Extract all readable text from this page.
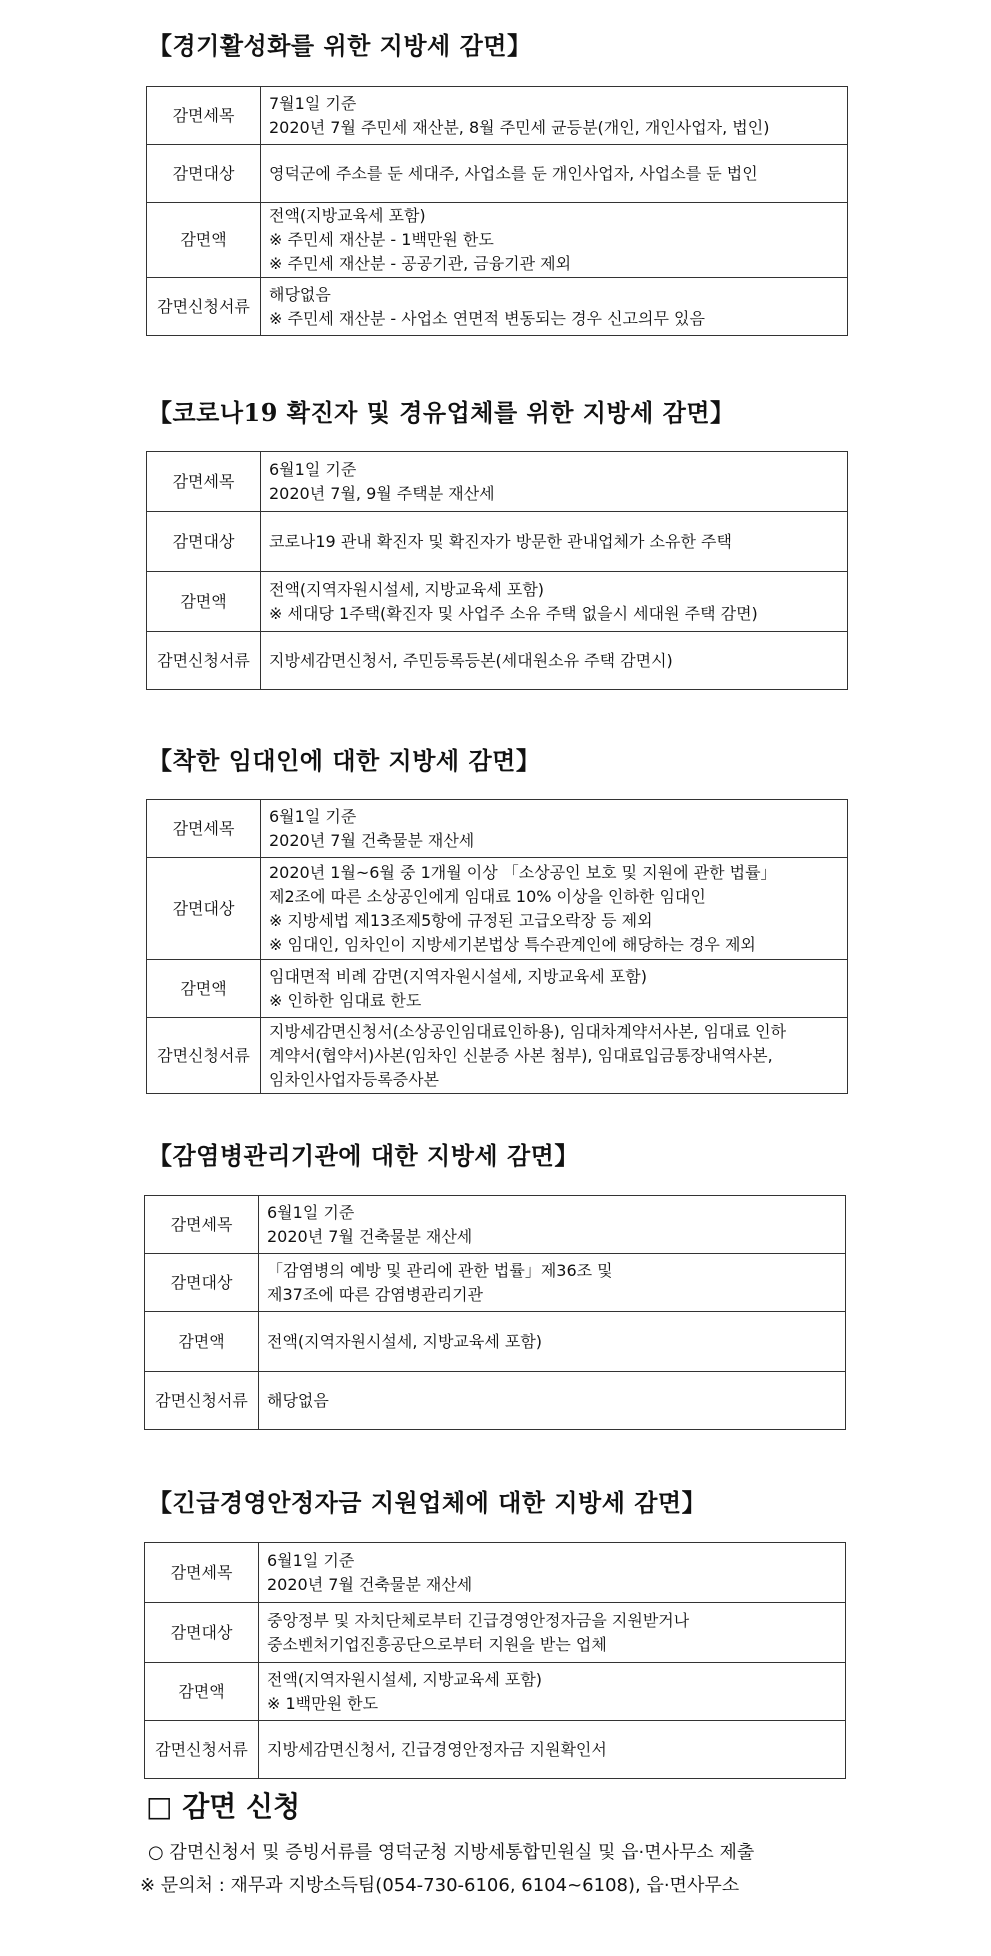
【경기활성화를 위한 지방세 감면】
감면세목	7월1일 기준
2020년 7월 주민세 재산분, 8월 주민세 균등분(개인, 개인사업자, 법인)

감면대상	영덕군에 주소를 둔 세대주, 사업소를 둔 개인사업자, 사업소를 둔 법인

감면액	전액(지방교육세 포함)
※ 주민세 재산분 - 1백만원 한도
※ 주민세 재산분 - 공공기관, 금융기관 제외

감면신청서류	해당없음
※ 주민세 재산분 - 사업소 연면적 변동되는 경우 신고의무 있음
【코로나19 확진자 및 경유업체를 위한 지방세 감면】
감면세목	6월1일 기준
2020년 7월, 9월 주택분 재산세

감면대상	코로나19 관내 확진자 및 확진자가 방문한 관내업체가 소유한 주택

감면액	전액(지역자원시설세, 지방교육세 포함)
※ 세대당 1주택(확진자 및 사업주 소유 주택 없을시 세대원 주택 감면)

감면신청서류	지방세감면신청서, 주민등록등본(세대원소유 주택 감면시)
【착한 임대인에 대한 지방세 감면】
감면세목	6월1일 기준
2020년 7월 건축물분 재산세

감면대상	2020년 1월~6월 중 1개월 이상 「소상공인 보호 및 지원에 관한 법률」
제2조에 따른 소상공인에게 임대료 10% 이상을 인하한 임대인
※ 지방세법 제13조제5항에 규정된 고급오락장 등 제외
※ 임대인, 임차인이 지방세기본법상 특수관계인에 해당하는 경우 제외

감면액	임대면적 비례 감면(지역자원시설세, 지방교육세 포함)
※ 인하한 임대료 한도

감면신청서류	지방세감면신청서(소상공인임대료인하용), 임대차계약서사본, 임대료 인하
계약서(협약서)사본(임차인 신분증 사본 첨부), 임대료입금통장내역사본,
임차인사업자등록증사본
【감염병관리기관에 대한 지방세 감면】
감면세목	6월1일 기준
2020년 7월 건축물분 재산세

감면대상	「감염병의 예방 및 관리에 관한 법률」제36조 및
제37조에 따른 감염병관리기관

감면액	전액(지역자원시설세, 지방교육세 포함)

감면신청서류	해당없음
【긴급경영안정자금 지원업체에 대한 지방세 감면】
감면세목	6월1일 기준
2020년 7월 건축물분 재산세

감면대상	중앙정부 및 자치단체로부터 긴급경영안정자금을 지원받거나
중소벤처기업진흥공단으로부터 지원을 받는 업체

감면액	전액(지역자원시설세, 지방교육세 포함)
※ 1백만원 한도

감면신청서류	지방세감면신청서, 긴급경영안정자금 지원확인서
□ 감면 신청
○ 감면신청서 및 증빙서류를 영덕군청 지방세통합민원실 및 읍·면사무소 제출
※ 문의처 : 재무과 지방소득팀(054-730-6106, 6104~6108), 읍·면사무소
